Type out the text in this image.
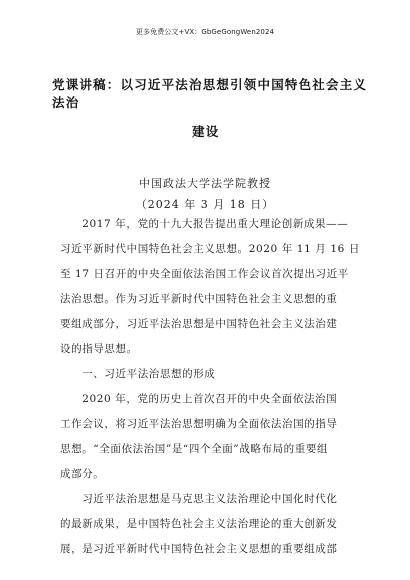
更多免费公文+VX：GbGeGongWen2024
党课讲稿：以习近平法治思想引领中国特色社会主义法治
建设
中国政法大学法学院教授
（2024 年 3 月 18 日）
　　2017 年，党的十九大报告提出重大理论创新成果——
习近平新时代中国特色社会主义思想。2020 年 11 月 16 日
至 17 日召开的中央全面依法治国工作会议首次提出习近平
法治思想。作为习近平新时代中国特色社会主义思想的重
要组成部分，习近平法治思想是中国特色社会主义法治建
设的指导思想。
　　一、习近平法治思想的形成
　　2020 年，党的历史上首次召开的中央全面依法治国
工作会议，将习近平法治思想明确为全面依法治国的指导
思想。“全面依法治国”是“四个全面”战略布局的重要组
成部分。
　　习近平法治思想是马克思主义法治理论中国化时代化
的最新成果，是中国特色社会主义法治理论的重大创新发
展，是习近平新时代中国特色社会主义思想的重要组成部
